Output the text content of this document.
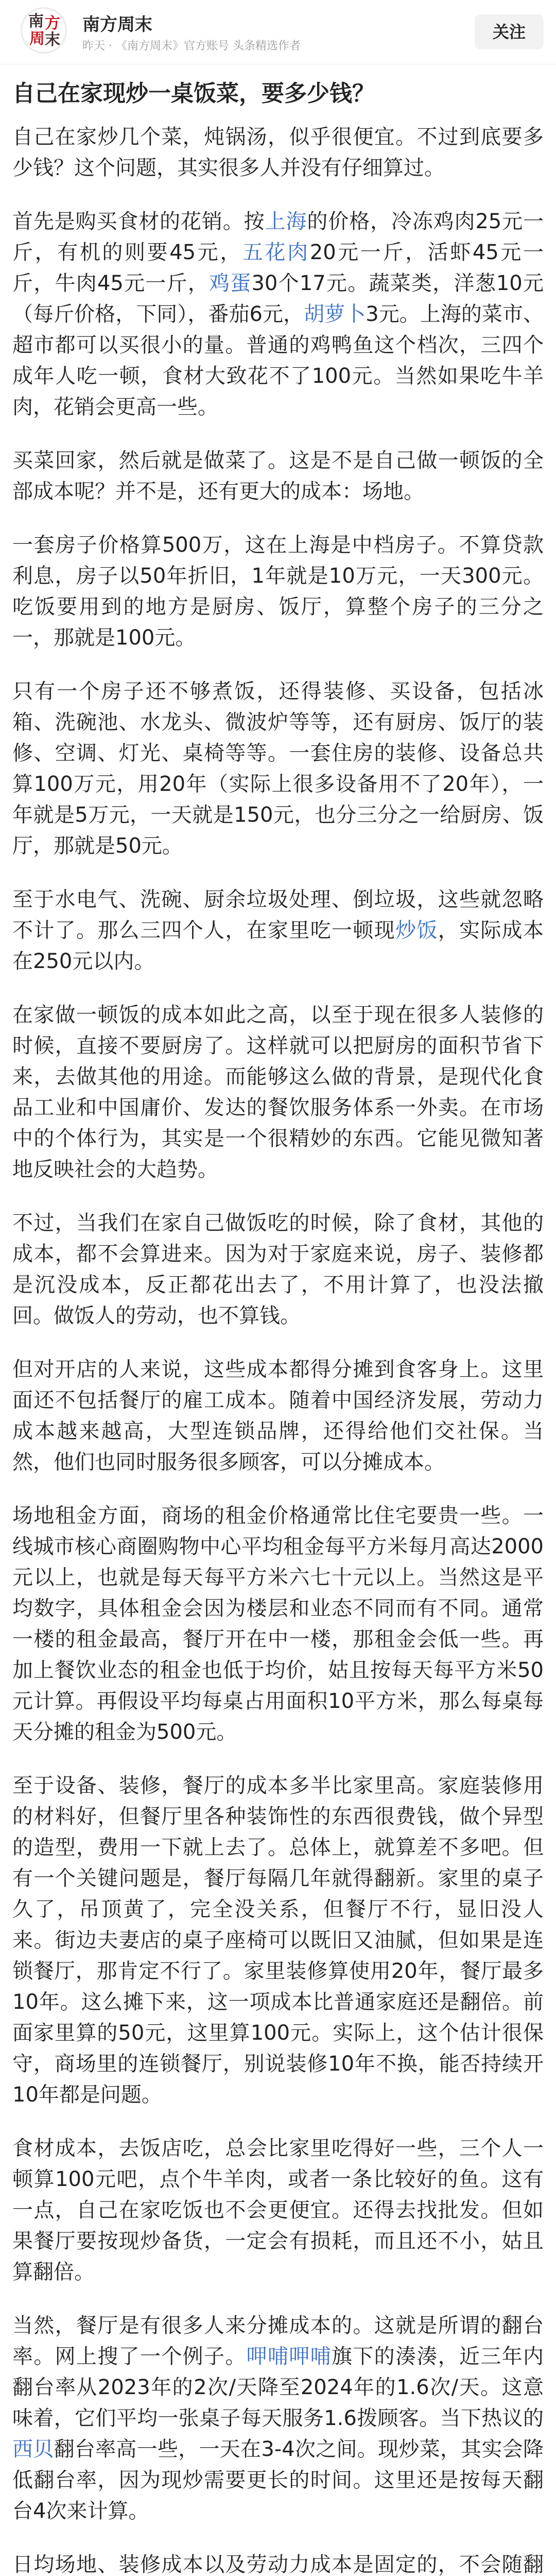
南 方
周 末
南方周末
昨天 · 《南方周末》官方账号 头条精选作者
关注
自己在家现炒一桌饭菜，要多少钱？

自己在家炒几个菜，炖锅汤，似乎很便宜。不过到底要多少钱？这个问题，其实很多人并没有仔细算过。

首先是购买食材的花销。按上海的价格，冷冻鸡肉25元一斤，有机的则要45元，五花肉20元一斤，活虾45元一斤，牛肉45元一斤，鸡蛋30个17元。蔬菜类，洋葱10元（每斤价格，下同），番茄6元，胡萝卜3元。上海的菜市、超市都可以买很小的量。普通的鸡鸭鱼这个档次，三四个成年人吃一顿，食材大致花不了100元。当然如果吃牛羊肉，花销会更高一些。

买菜回家，然后就是做菜了。这是不是自己做一顿饭的全部成本呢？并不是，还有更大的成本：场地。

一套房子价格算500万，这在上海是中档房子。不算贷款利息，房子以50年折旧，1年就是10万元，一天300元。吃饭要用到的地方是厨房、饭厅，算整个房子的三分之一，那就是100元。

只有一个房子还不够煮饭，还得装修、买设备，包括冰箱、洗碗池、水龙头、微波炉等等，还有厨房、饭厅的装修、空调、灯光、桌椅等等。一套住房的装修、设备总共算100万元，用20年（实际上很多设备用不了20年），一年就是5万元，一天就是150元，也分三分之一给厨房、饭厅，那就是50元。

至于水电气、洗碗、厨余垃圾处理、倒垃圾，这些就忽略不计了。那么三四个人，在家里吃一顿现炒饭，实际成本在250元以内。

在家做一顿饭的成本如此之高，以至于现在很多人装修的时候，直接不要厨房了。这样就可以把厨房的面积节省下来，去做其他的用途。而能够这么做的背景，是现代化食品工业和中国庸价、发达的餐饮服务体系一外卖。在市场中的个体行为，其实是一个很精妙的东西。它能见微知著地反映社会的大趋势。

不过，当我们在家自己做饭吃的时候，除了食材，其他的成本，都不会算进来。因为对于家庭来说，房子、装修都是沉没成本，反正都花出去了，不用计算了，也没法撤回。做饭人的劳动，也不算钱。

但对开店的人来说，这些成本都得分摊到食客身上。这里面还不包括餐厅的雇工成本。随着中国经济发展，劳动力成本越来越高，大型连锁品牌，还得给他们交社保。当然，他们也同时服务很多顾客，可以分摊成本。

场地租金方面，商场的租金价格通常比住宅要贵一些。一线城市核心商圈购物中心平均租金每平方米每月高达2000元以上，也就是每天每平方米六七十元以上。当然这是平均数字，具体租金会因为楼层和业态不同而有不同。通常一楼的租金最高，餐厅开在中一楼，那租金会低一些。再加上餐饮业态的租金也低于均价，姑且按每天每平方米50元计算。再假设平均每桌占用面积10平方米，那么每桌每天分摊的租金为500元。

至于设备、装修，餐厅的成本多半比家里高。家庭装修用的材料好，但餐厅里各种装饰性的东西很费钱，做个异型的造型，费用一下就上去了。总体上，就算差不多吧。但有一个关键问题是，餐厅每隔几年就得翻新。家里的桌子久了，吊顶黄了，完全没关系，但餐厅不行，显旧没人来。街边夫妻店的桌子座椅可以既旧又油腻，但如果是连锁餐厅，那肯定不行了。家里装修算使用20年，餐厅最多10年。这么摊下来，这一项成本比普通家庭还是翻倍。前面家里算的50元，这里算100元。实际上，这个估计很保守，商场里的连锁餐厅，别说装修10年不换，能否持续开10年都是问题。

食材成本，去饭店吃，总会比家里吃得好一些，三个人一顿算100元吧，点个牛羊肉，或者一条比较好的鱼。这有一点，自己在家吃饭也不会更便宜。还得去找批发。但如果餐厅要按现炒备货，一定会有损耗，而且还不小，姑且算翻倍。

当然，餐厅是有很多人来分摊成本的。这就是所谓的翻台率。网上搜了一个例子。呷哺呷哺旗下的湊湊，近三年内翻台率从2023年的2次/天降至2024年的1.6次/天。这意味着，它们平均一张桌子每天服务1.6拨顾客。当下热议的西贝翻台率高一些，一天在3-4次之间。现炒菜，其实会降低翻台率，因为现炒需要更长的时间。这里还是按每天翻台4次来计算。

日均场地、装修成本以及劳动力成本是固定的，不会随翻
